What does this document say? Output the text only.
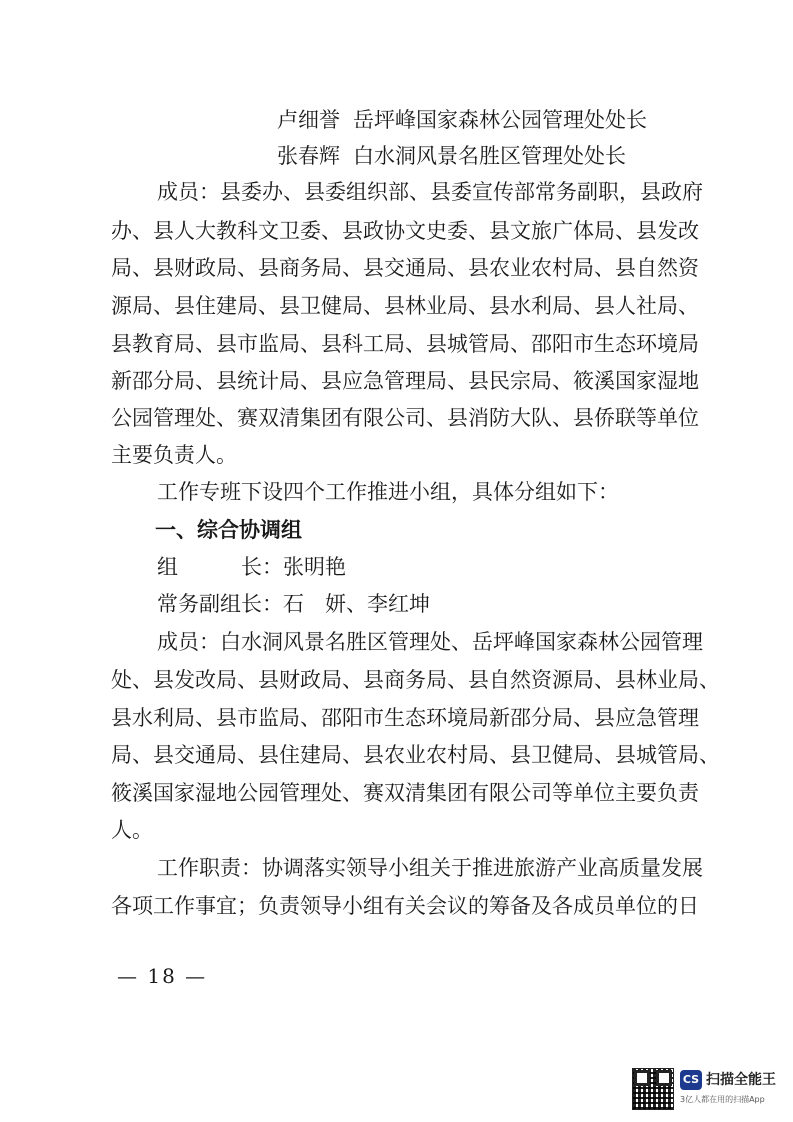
卢细誉 岳坪峰国家森林公园管理处处长
张春辉 白水洞风景名胜区管理处处长
成员：县委办、县委组织部、县委宣传部常务副职，县政府
办、县人大教科文卫委、县政协文史委、县文旅广体局、县发改
局、县财政局、县商务局、县交通局、县农业农村局、县自然资
源局、县住建局、县卫健局、县林业局、县水利局、县人社局、
县教育局、县市监局、县科工局、县城管局、邵阳市生态环境局
新邵分局、县统计局、县应急管理局、县民宗局、筱溪国家湿地
公园管理处、赛双清集团有限公司、县消防大队、县侨联等单位
主要负责人。
工作专班下设四个工作推进小组，具体分组如下：
一、综合协调组
组　　　长：张明艳
常务副组长：石　妍、李红坤
成员：白水洞风景名胜区管理处、岳坪峰国家森林公园管理
处、县发改局、县财政局、县商务局、县自然资源局、县林业局、
县水利局、县市监局、邵阳市生态环境局新邵分局、县应急管理
局、县交通局、县住建局、县农业农村局、县卫健局、县城管局、
筱溪国家湿地公园管理处、赛双清集团有限公司等单位主要负责
人。
工作职责：协调落实领导小组关于推进旅游产业高质量发展
各项工作事宜；负责领导小组有关会议的筹备及各成员单位的日
— 18 —
CS 扫描全能王
3亿人都在用的扫描App
